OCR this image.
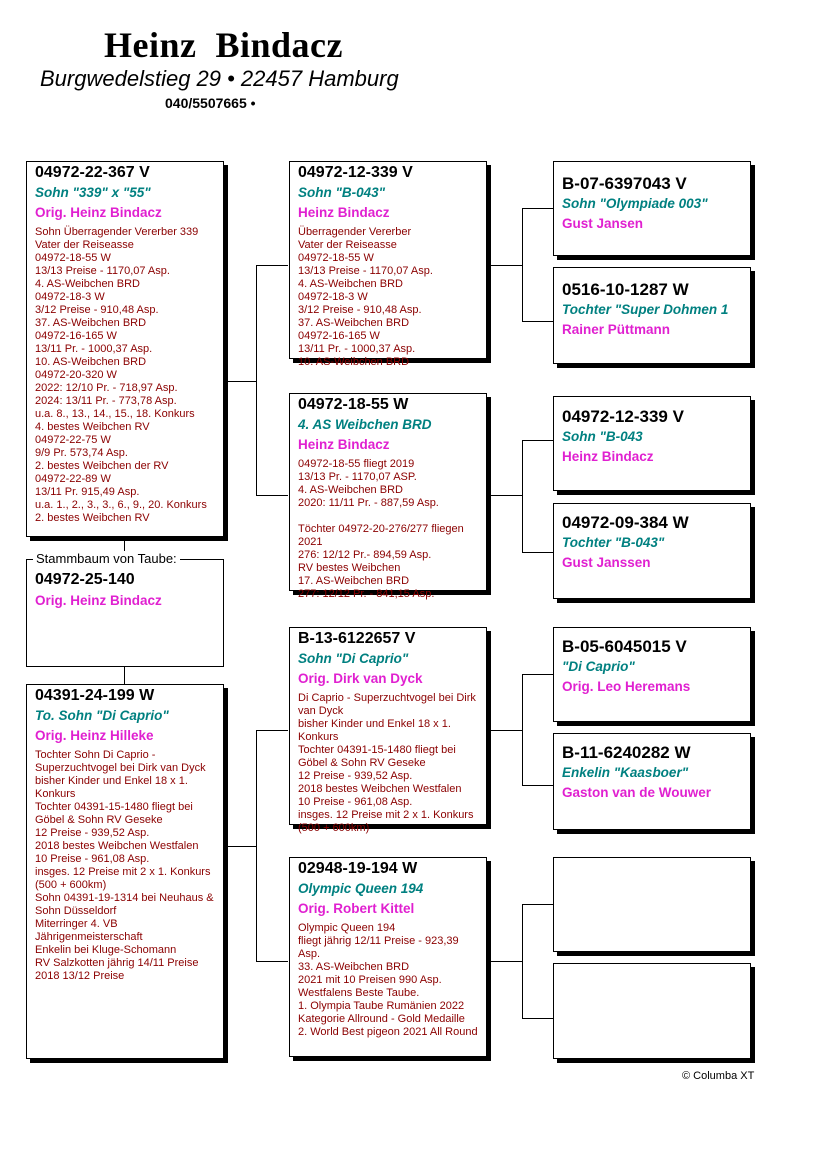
Heinz  Bindacz
Burgwedelstieg 29 • 22457 Hamburg
040/5507665 •
04972-22-367 V
Sohn "339" x "55"
Orig. Heinz Bindacz
Sohn Überragender Vererber 339
Vater der Reiseasse
04972-18-55 W
13/13 Preise - 1170,07 Asp.
4. AS-Weibchen BRD
04972-18-3 W
3/12 Preise - 910,48 Asp.
37. AS-Weibchen BRD
04972-16-165 W
13/11 Pr. - 1000,37 Asp.
10. AS-Weibchen BRD
04972-20-320 W
2022: 12/10 Pr. - 718,97 Asp.
2024: 13/11 Pr. - 773,78 Asp.
u.a. 8., 13., 14., 15., 18. Konkurs
4. bestes Weibchen RV
04972-22-75 W
9/9 Pr. 573,74 Asp.
2. bestes Weibchen der RV
04972-22-89 W
13/11 Pr. 915,49 Asp.
u.a. 1., 2., 3., 3., 6., 9., 20. Konkurs
2. bestes Weibchen RV
04972-25-140
Orig. Heinz Bindacz
Stammbaum von Taube:
04391-24-199 W
To. Sohn "Di Caprio"
Orig. Heinz Hilleke
Tochter Sohn Di Caprio - Superzuchtvogel bei Dirk van Dyck
bisher Kinder und Enkel 18 x 1. Konkurs
Tochter 04391-15-1480 fliegt bei Göbel & Sohn RV Geseke
12 Preise - 939,52 Asp.
2018 bestes Weibchen Westfalen
10 Preise - 961,08 Asp.
insges. 12 Preise mit 2 x 1. Konkurs (500 + 600km)
Sohn 04391-19-1314 bei Neuhaus & Sohn Düsseldorf
Miterringer 4. VB Jährigenmeisterschaft
Enkelin bei Kluge-Schomann
RV Salzkotten jährig 14/11 Preise
2018 13/12 Preise
04972-12-339 V
Sohn "B-043"
Heinz Bindacz
Überragender Vererber
Vater der Reiseasse
04972-18-55 W
13/13 Preise - 1170,07 Asp.
4. AS-Weibchen BRD
04972-18-3 W
3/12 Preise - 910,48 Asp.
37. AS-Weibchen BRD
04972-16-165 W
13/11 Pr. - 1000,37 Asp.
10. AS-Weibchen BRD
04972-18-55 W
4. AS Weibchen BRD
Heinz Bindacz
04972-18-55 fliegt 2019
13/13 Pr. - 1170,07 ASP.
4. AS-Weibchen BRD
2020: 11/11 Pr. - 887,59 Asp.
Töchter 04972-20-276/277 fliegen 2021
276: 12/12 Pr.- 894,59 Asp.
RV bestes Weibchen
17. AS-Weibchen BRD
277: 12/12 Pr. - 841,15 Asp.
B-13-6122657 V
Sohn "Di Caprio"
Orig. Dirk van Dyck
Di Caprio - Superzuchtvogel bei Dirk van Dyck
bisher Kinder und Enkel 18 x 1. Konkurs
Tochter 04391-15-1480 fliegt bei Göbel & Sohn RV Geseke
12 Preise - 939,52 Asp.
2018 bestes Weibchen Westfalen
10 Preise - 961,08 Asp.
insges. 12 Preise mit 2 x 1. Konkurs (500 + 600km)
02948-19-194 W
Olympic Queen 194
Orig. Robert Kittel
Olympic Queen 194
fliegt jährig 12/11 Preise - 923,39 Asp.
33. AS-Weibchen BRD
2021 mit 10 Preisen 990 Asp.
Westfalens Beste Taube.
1. Olympia Taube Rumänien 2022
Kategorie Allround - Gold Medaille
2. World Best pigeon 2021 All Round
B-07-6397043 V
Sohn "Olympiade 003"
Gust Jansen
0516-10-1287 W
Tochter "Super Dohmen 1
Rainer Püttmann
04972-12-339 V
Sohn "B-043
Heinz Bindacz
04972-09-384 W
Tochter "B-043"
Gust Janssen
B-05-6045015 V
"Di Caprio"
Orig. Leo Heremans
B-11-6240282 W
Enkelin "Kaasboer"
Gaston van de Wouwer
© Columba XT
